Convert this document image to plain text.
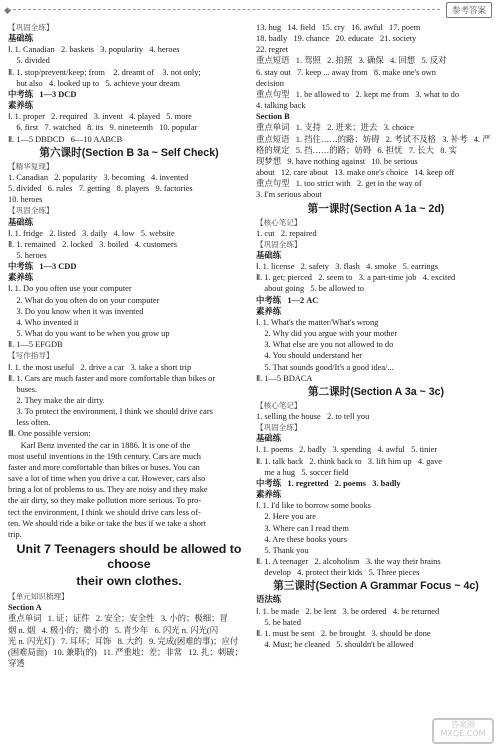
◆	参考答案
【巩固全练】
基础练
Ⅰ. 1. Canadian   2. baskets   3. popularity   4. heroes
5. divided
Ⅱ. 1. stop/prevent/keep; from    2. dreamt of    3. not only;
but also   4. looked up to   5. achieve your dream
中考练   1—3 DCD
素养练
Ⅰ. 1. proper   2. required   3. invent   4. played   5. more
6. first   7. watched   8. its   9. nineteenth   10. popular
Ⅱ. 1—5 DBDCD   6—10 AABCB
第六课时(Section B 3a ~ Self Check)
【精华复现】
1. Canadian   2. popularity   3. becoming   4. invented
5. divided   6. rules   7. getting   8. players   9. factories
10. heroes
【巩固全练】
基础练
Ⅰ. 1. fridge   2. listed   3. daily   4. low   5. website
Ⅱ. 1. remained   2. locked   3. boiled   4. customers
5. heroes
中考练   1—3 CDD
素养练
Ⅰ. 1. Do you often use your computer
2. What do you often do on your computer
3. Do you know when it was invented
4. Who invented it
5. What do you want to be when you grow up
Ⅱ. 1—5 EFGDB
【写作指导】
Ⅰ. 1. the most useful   2. drive a car   3. take a short trip
Ⅱ. 1. Cars are much faster and more comfortable than bikes or
buses.
2. They make the air dirty.
3. To protect the environment, I think we should drive cars
less often.
Ⅲ. One possible version:
Karl Benz invented the car in 1886. It is one of the
most useful inventions in the 19th century. Cars are much
faster and more comfortable than bikes or buses. You can
save a lot of time when you drive a car. However, cars also
bring a lot of problems to us. They are noisy and they make
the air dirty, so they make pollution more serious. To pro-
tect the environment, I think we should drive cars less of-
ten. We should ride a bike or take the bus if we take a short
trip.
Unit 7 Teenagers should be allowed to choose
their own clothes.
【单元知识梳理】
Section A
重点单词   1. 证；证件   2. 安全；安全性   3. 小的；极细；冒
烟 n. 烟   4. 极小的；微小的   5. 青少年   6. 闪光 n. 闪光(闪
光 n. 闪光灯)   7. 耳环；耳饰   8. 大约   9. 完成(困难的事)；应付
(困难局面)   10. 兼职(的)   11. 严重地；差；非常   12. 扎；刺破；穿透
13. hug   14. field   15. cry   16. awful   17. poem
18. badly   19. chance   20. educate   21. society
22. regret
重点短语   1. 驾照   2. 拍照   3. 确保   4. 回想   5. 反对
6. stay out   7. keep ... away from   8. make one's own
decision
重点句型   1. be allowed to   2. kept me from   3. what to do
4. talking back
Section B
重点单词   1. 支持   2. 进来；进去   3. choice
重点短语   1. 挡住……的路；妨碍   2. 考试不及格   3. 补考   4. 严
格的规定   5. 挡……的路；妨碍   6. 担忧   7. 长大   8. 实
现梦想   9. have nothing against   10. be serious
about   12. care about   13. make one's choice   14. keep off
重点句型   1. too strict with   2. get in the way of
3. I'm serious about
第一课时(Section A 1a ~ 2d)
【核心笔记】
1. cut   2. repaired
【巩固全练】
基础练
Ⅰ. 1. license   2. safety   3. flash   4. smoke   5. earrings
Ⅱ. 1. get; pierced   2. seem to   3. a part-time job   4. excited
about going   5. be allowed to
中考练   1—2 AC
素养练
Ⅰ. 1. What's the matter/What's wrong
2. Why did you argue with your mother
3. What else are you not allowed to do
4. You should understand her
5. That sounds good/It's a good idea/...
Ⅱ. 1—5 BDACA
第二课时(Section A 3a ~ 3c)
【核心笔记】
1. selling the house   2. to tell you
【巩固全练】
基础练
Ⅰ. 1. poems   2. badly   3. spending   4. awful   5. tinier
Ⅱ. 1. talk back   2. think back to   3. lift him up   4. gave
me a hug   5. soccer field
中考练   1. regretted   2. poems   3. badly
素养练
Ⅰ. 1. I'd like to borrow some books
2. Here you are
3. Where can I read them
4. Are these books yours
5. Thank you
Ⅱ. 1. A teenager   2. alcoholism   3. the way their brains
develop   4. protect their kids   5. Three pieces
第三课时(Section A Grammar Focus ~ 4c)
语法练
Ⅰ. 1. be made   2. be lent   3. be ordered   4. be returned
5. be hated
Ⅱ. 1. must be sent   2. be brought   3. should be done
4. Must; be cleaned   5. shouldn't be allowed
答案圈 MXQE.COM
